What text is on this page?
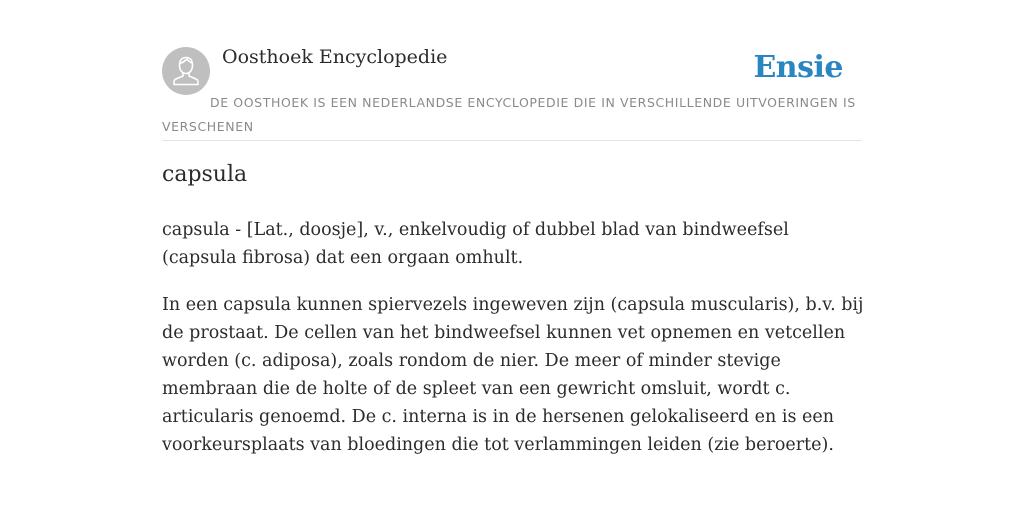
Oosthoek Encyclopedie	Ensie
DE OOSTHOEK IS EEN NEDERLANDSE ENCYCLOPEDIE DIE IN VERSCHILLENDE UITVOERINGEN IS VERSCHENEN
capsula

capsula - [Lat., doosje], v., enkelvoudig of dubbel blad van bindweefsel (capsula fibrosa) dat een orgaan omhult.

In een capsula kunnen spiervezels ingeweven zijn (capsula muscularis), b.v. bij de prostaat. De cellen van het bindweefsel kunnen vet opnemen en vetcellen worden (c. adiposa), zoals rondom de nier. De meer of minder stevige membraan die de holte of de spleet van een gewricht omsluit, wordt c. articularis genoemd. De c. interna is in de hersenen gelokaliseerd en is een voorkeursplaats van bloedingen die tot verlammingen leiden (zie beroerte).
